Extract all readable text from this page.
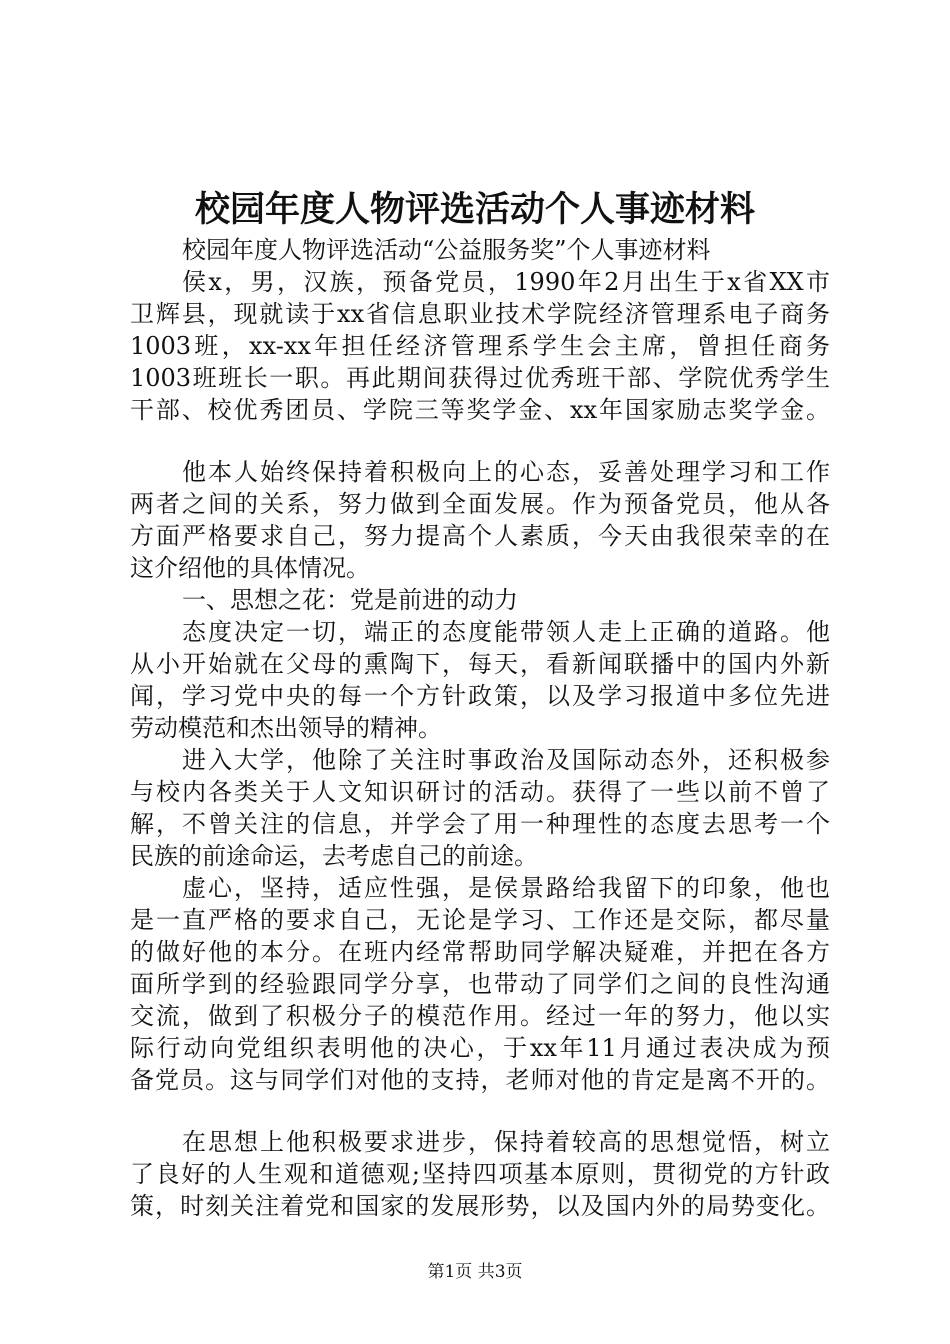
校园年度人物评选活动个人事迹材料
校园年度人物评选活动“公益服务奖”个人事迹材料
侯x，男，汉族，预备党员，1990年2月出生于x省XX市
卫辉县，现就读于xx省信息职业技术学院经济管理系电子商务
1003班，xx-xx年担任经济管理系学生会主席，曾担任商务
1003班班长一职。再此期间获得过优秀班干部、学院优秀学生
干部、校优秀团员、学院三等奖学金、xx年国家励志奖学金。
他本人始终保持着积极向上的心态，妥善处理学习和工作
两者之间的关系，努力做到全面发展。作为预备党员，他从各
方面严格要求自己，努力提高个人素质，今天由我很荣幸的在
这介绍他的具体情况。
一、思想之花：党是前进的动力
态度决定一切，端正的态度能带领人走上正确的道路。他
从小开始就在父母的熏陶下，每天，看新闻联播中的国内外新
闻，学习党中央的每一个方针政策，以及学习报道中多位先进
劳动模范和杰出领导的精神。
进入大学，他除了关注时事政治及国际动态外，还积极参
与校内各类关于人文知识研讨的活动。获得了一些以前不曾了
解，不曾关注的信息，并学会了用一种理性的态度去思考一个
民族的前途命运，去考虑自己的前途。
虚心，坚持，适应性强，是侯景路给我留下的印象，他也
是一直严格的要求自己，无论是学习、工作还是交际，都尽量
的做好他的本分。在班内经常帮助同学解决疑难，并把在各方
面所学到的经验跟同学分享，也带动了同学们之间的良性沟通
交流，做到了积极分子的模范作用。经过一年的努力，他以实
际行动向党组织表明他的决心，于xx年11月通过表决成为预
备党员。这与同学们对他的支持，老师对他的肯定是离不开的。
在思想上他积极要求进步，保持着较高的思想觉悟，树立
了良好的人生观和道德观;坚持四项基本原则，贯彻党的方针政
策，时刻关注着党和国家的发展形势，以及国内外的局势变化。
第1页 共3页
